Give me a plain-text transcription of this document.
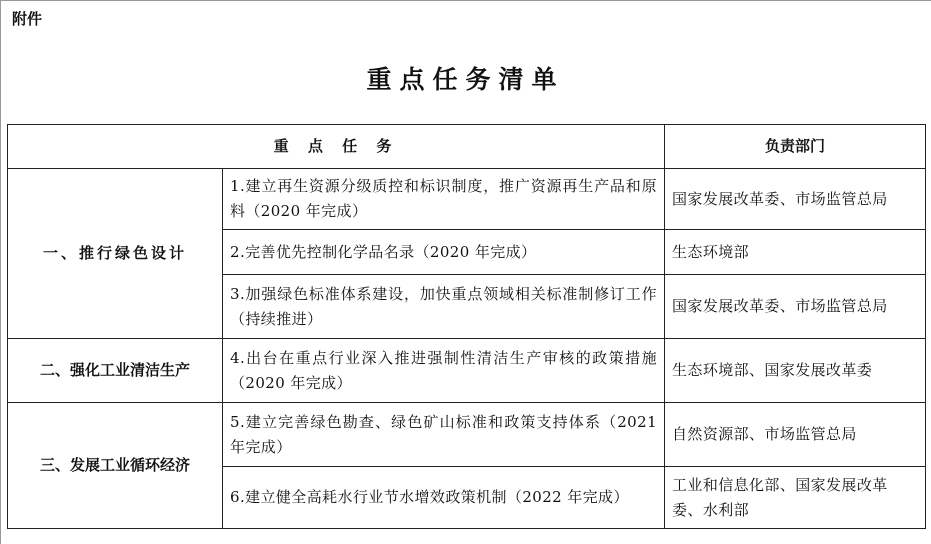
附件
重点任务清单
重 点 任 务		负责部门
一、推行绿色设计	1.建立再生资源分级质控和标识制度，推广资源再生产品和原料（2020 年完成）	国家发展改革委、市场监管总局
	2.完善优先控制化学品名录（2020 年完成）	生态环境部
	3.加强绿色标准体系建设，加快重点领域相关标准制修订工作（持续推进）	国家发展改革委、市场监管总局
二、强化工业清洁生产	4.出台在重点行业深入推进强制性清洁生产审核的政策措施（2020 年完成）	生态环境部、国家发展改革委
三、发展工业循环经济	5.建立完善绿色勘查、绿色矿山标准和政策支持体系（2021 年完成）	自然资源部、市场监管总局
	6.建立健全高耗水行业节水增效政策机制（2022 年完成）	工业和信息化部、国家发展改革委、水利部
